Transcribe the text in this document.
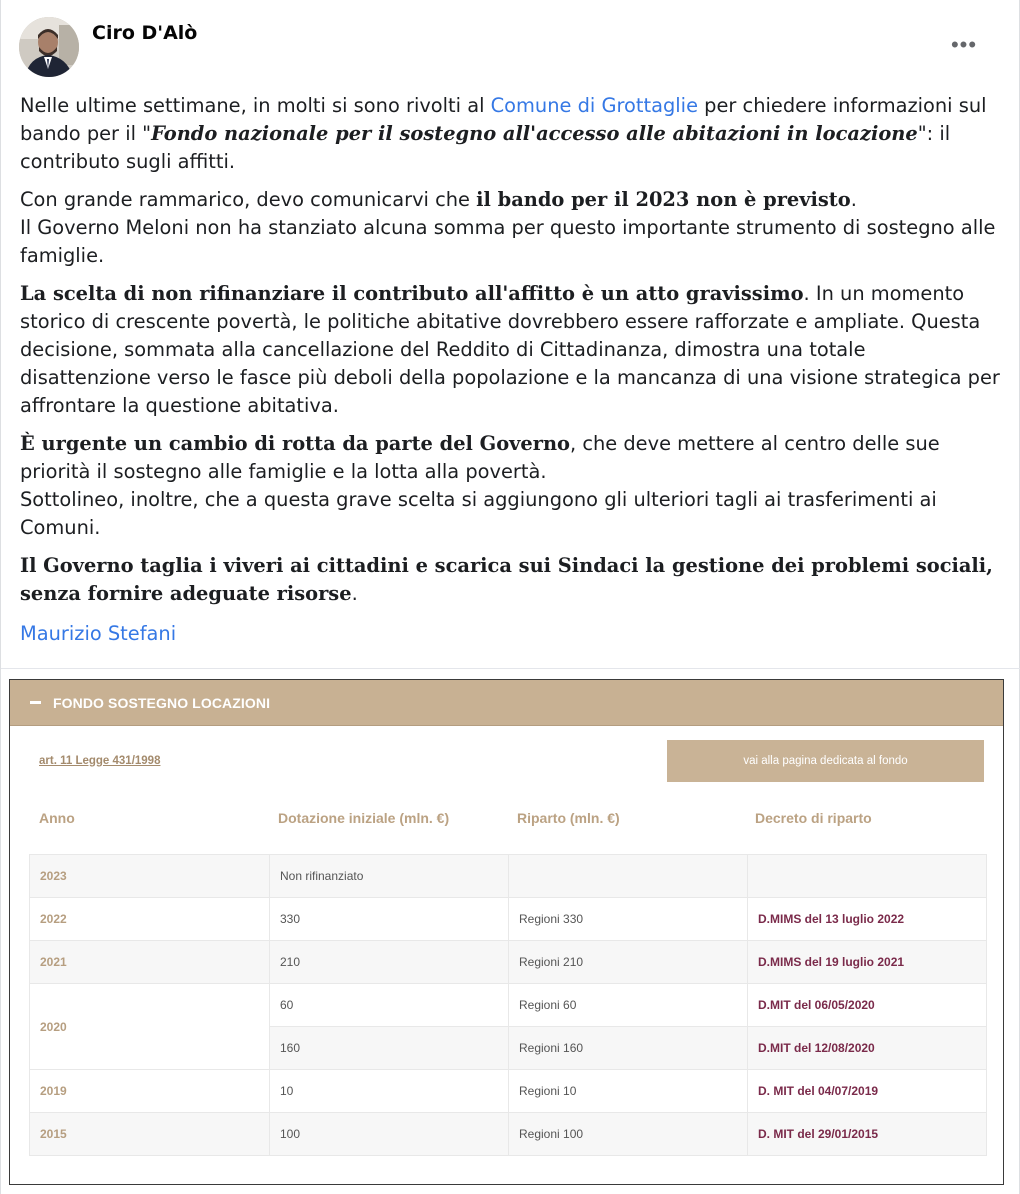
Ciro D'Alò	•••

Nelle ultime settimane, in molti si sono rivolti al Comune di Grottaglie per chiedere informazioni sul bando per il "Fondo nazionale per il sostegno all'accesso alle abitazioni in locazione": il contributo sugli affitti.

Con grande rammarico, devo comunicarvi che il bando per il 2023 non è previsto.
Il Governo Meloni non ha stanziato alcuna somma per questo importante strumento di sostegno alle famiglie.

La scelta di non rifinanziare il contributo all'affitto è un atto gravissimo. In un momento storico di crescente povertà, le politiche abitative dovrebbero essere rafforzate e ampliate. Questa decisione, sommata alla cancellazione del Reddito di Cittadinanza, dimostra una totale disattenzione verso le fasce più deboli della popolazione e la mancanza di una visione strategica per affrontare la questione abitativa.

È urgente un cambio di rotta da parte del Governo, che deve mettere al centro delle sue priorità il sostegno alle famiglie e la lotta alla povertà.
Sottolineo, inoltre, che a questa grave scelta si aggiungono gli ulteriori tagli ai trasferimenti ai Comuni.

Il Governo taglia i viveri ai cittadini e scarica sui Sindaci la gestione dei problemi sociali, senza fornire adeguate risorse.

Maurizio Stefani
FONDO SOSTEGNO LOCAZIONI
art. 11 Legge 431/1998	vai alla pagina dedicata al fondo
Anno	Dotazione iniziale (mln. €)	Riparto (mln. €)	Decreto di riparto
2023	Non rifinanziato		
2022	330	Regioni 330	D.MIMS del 13 luglio 2022
2021	210	Regioni 210	D.MIMS del 19 luglio 2021
2020	60	Regioni 60	D.MIT del 06/05/2020
	160	Regioni 160	D.MIT del 12/08/2020
2019	10	Regioni 10	D. MIT del 04/07/2019
2015	100	Regioni 100	D. MIT del 29/01/2015
